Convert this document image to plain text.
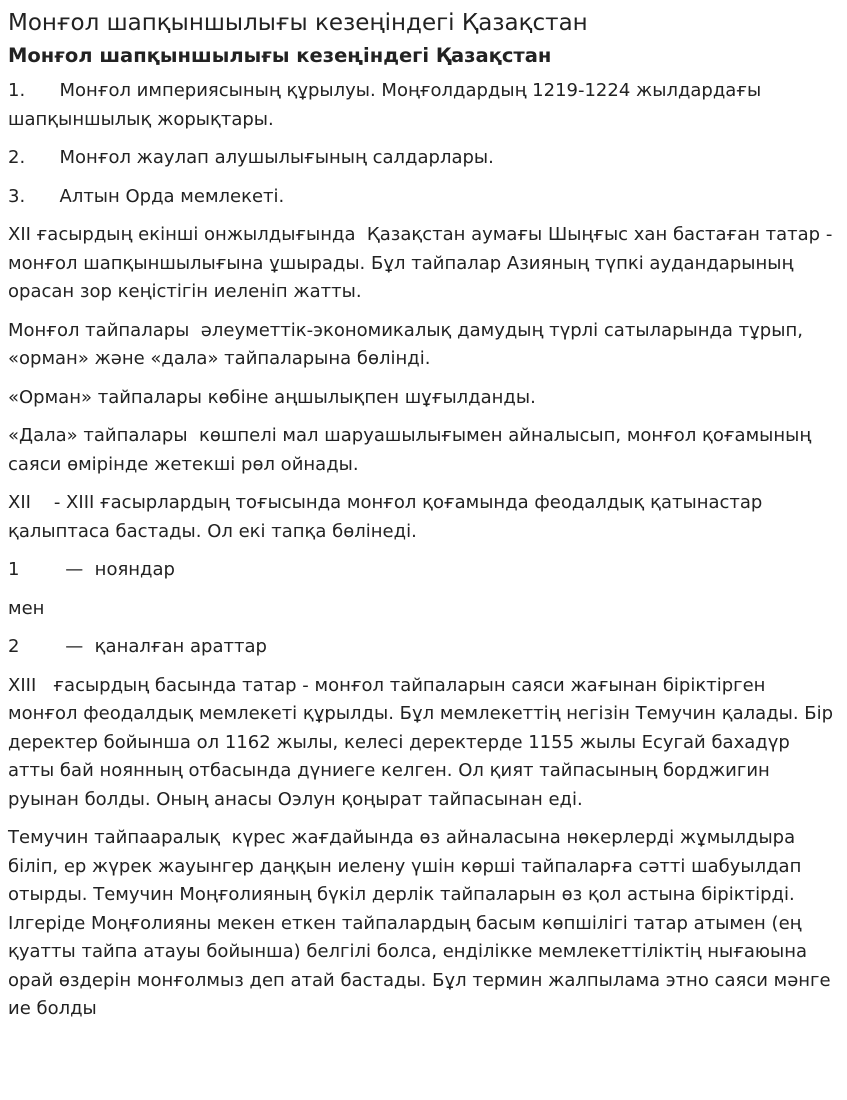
Монғол шапқыншылығы кезеңіндегі Қазақстан
Монғол шапқыншылығы кезеңіндегі Қазақстан

1.      Монғол империясының құрылуы. Моңғолдардың 1219-1224 жылдардағы шапқыншылық жорықтары.

2.      Монғол жаулап алушылығының салдарлары.

3.      Алтын Орда мемлекеті.

XII ғасырдың екінші онжылдығында  Қазақстан аумағы Шыңғыс хан бастаған татар - монғол шапқыншылығына ұшырады. Бұл тайпалар Азияның түпкі аудандарының орасан зор кеңістігін иеленіп жатты.

Монғол тайпалары  әлеуметтік-экономикалық дамудың түрлі сатыларында тұрып, «орман» және «дала» тайпаларына бөлінді.

«Орман» тайпалары көбіне аңшылықпен шұғылданды.

«Дала» тайпалары  көшпелі мал шаруашылығымен айналысып, монғол қоғамының саяси өмірінде жетекші рөл ойнады.

XII    - XIII ғасырлардың тоғысында монғол қоғамында феодалдық қатынастар қалыптаса бастады. Ол екі тапқа бөлінеді.

1        —  нояндар

мен

2        —  қаналған араттар

XIII   ғасырдың басында татар - монғол тайпаларын саяси жағынан біріктірген монғол феодалдық мемлекеті құрылды. Бұл мемлекеттің негізін Темучин қалады. Бір деректер бойынша ол 1162 жылы, келесі деректерде 1155 жылы Есугай бахадүр атты бай ноянның отбасында дүниеге келген. Ол қият тайпасының борджигин руынан болды. Оның анасы Оэлун қоңырат тайпасынан еді.

Темучин тайпааралық  күрес жағдайында өз айналасына нөкерлерді жұмылдыра біліп, ер жүрек жауынгер даңқын иелену үшін көрші тайпаларға сәтті шабуылдап отырды. Темучин Моңғолияның бүкіл дерлік тайпаларын өз қол астына біріктірді. Ілгеріде Моңғолияны мекен еткен тайпалардың басым көпшілігі татар атымен (ең қуатты тайпа атауы бойынша) белгілі болса, енділікке мемлекеттіліктің нығаюына орай өздерін монғолмыз деп атай бастады. Бұл термин жалпылама этно саяси мәнге ие болды
